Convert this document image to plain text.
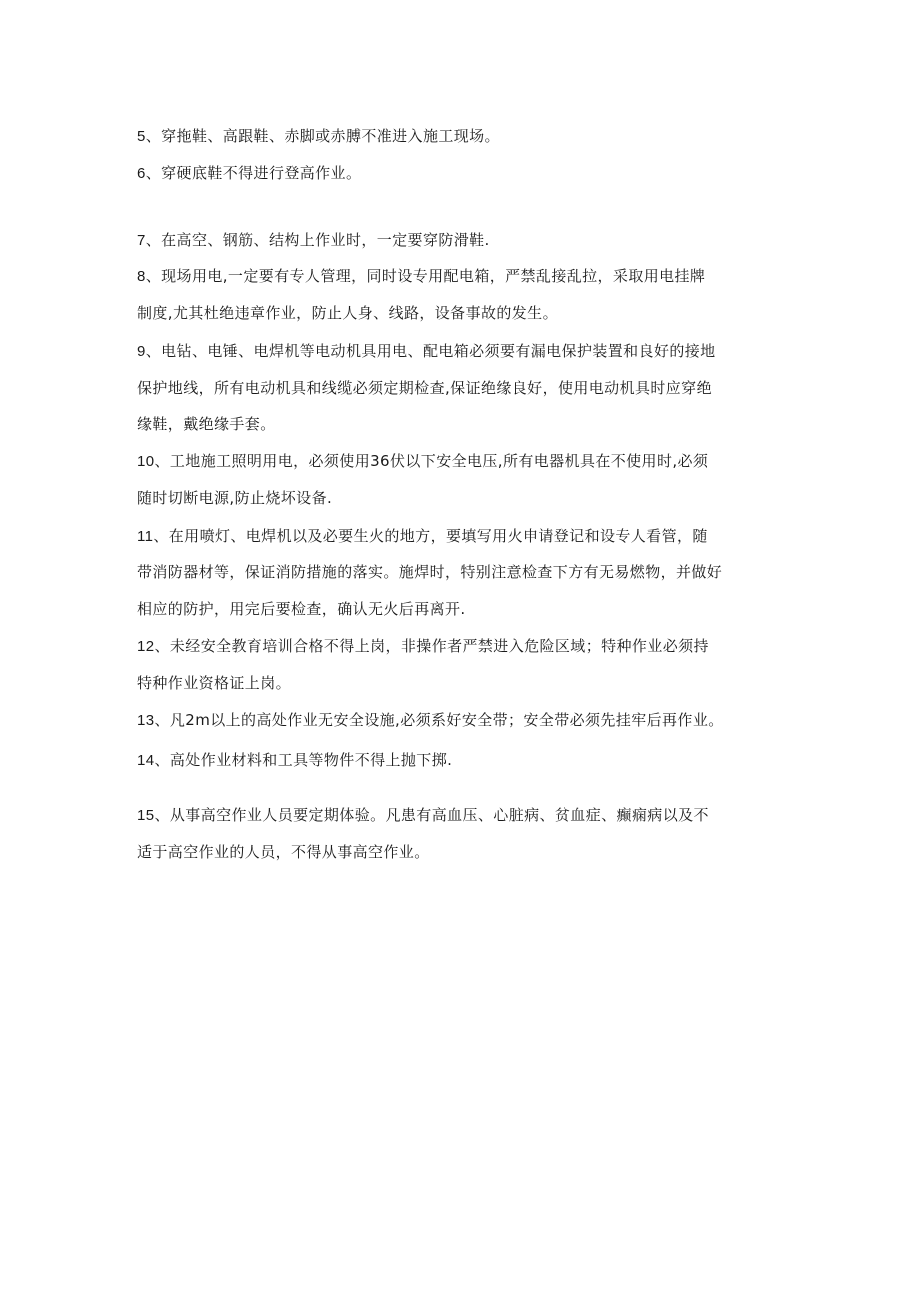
5、穿拖鞋、高跟鞋、赤脚或赤膊不准进入施工现场。
6、穿硬底鞋不得进行登高作业。
7、在高空、钢筋、结构上作业时，一定要穿防滑鞋.
8、现场用电,一定要有专人管理，同时设专用配电箱，严禁乱接乱拉，采取用电挂牌
制度,尤其杜绝违章作业，防止人身、线路，设备事故的发生。
9、电钻、电锤、电焊机等电动机具用电、配电箱必须要有漏电保护装置和良好的接地
保护地线，所有电动机具和线缆必须定期检查,保证绝缘良好，使用电动机具时应穿绝
缘鞋，戴绝缘手套。
10、工地施工照明用电，必须使用36伏以下安全电压,所有电器机具在不使用时,必须
随时切断电源,防止烧坏设备.
11、在用喷灯、电焊机以及必要生火的地方，要填写用火申请登记和设专人看管，随
带消防器材等，保证消防措施的落实。施焊时，特别注意检查下方有无易燃物，并做好
相应的防护，用完后要检查，确认无火后再离开.
12、未经安全教育培训合格不得上岗，非操作者严禁进入危险区域；特种作业必须持
特种作业资格证上岗。
13、凡2m以上的高处作业无安全设施,必须系好安全带；安全带必须先挂牢后再作业。
14、高处作业材料和工具等物件不得上抛下掷.
15、从事高空作业人员要定期体验。凡患有高血压、心脏病、贫血症、癫痫病以及不
适于高空作业的人员，不得从事高空作业。
